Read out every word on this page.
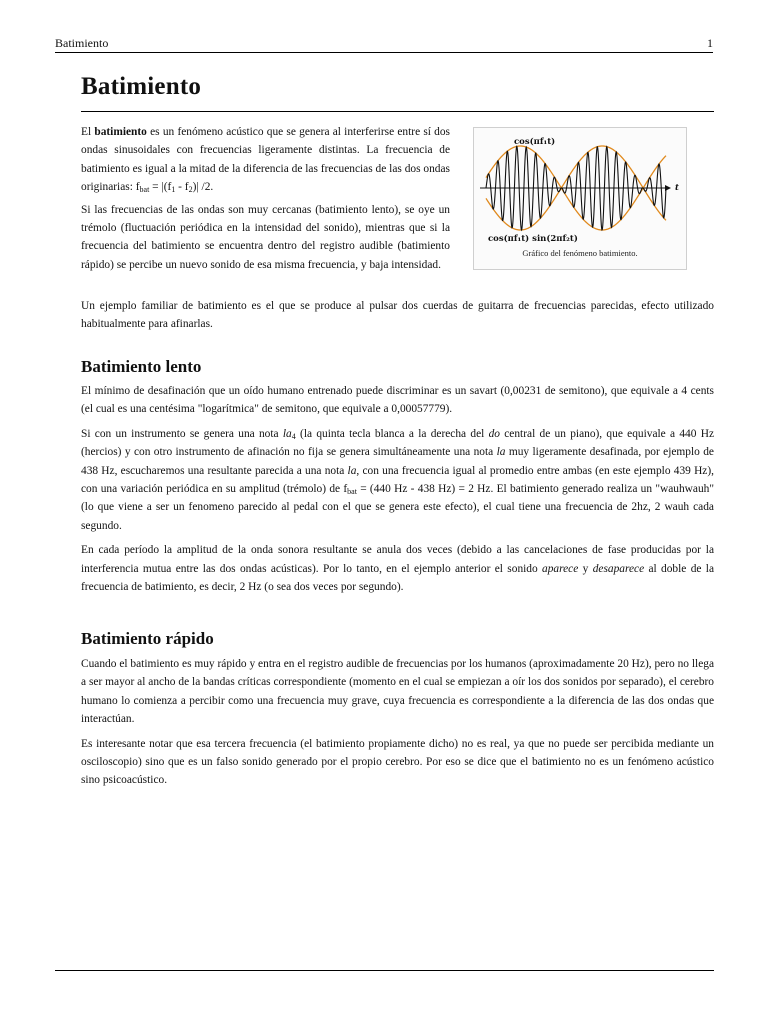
Batimiento	1
Batimiento

El batimiento es un fenómeno acústico que se genera al interferirse entre sí dos ondas sinusoidales con frecuencias ligeramente distintas. La frecuencia de batimiento es igual a la mitad de la diferencia de las frecuencias de las dos ondas originarias: $f_{bat} = |(f_1 - f_2)|$ /2.

Si las frecuencias de las ondas son muy cercanas (batimiento lento), se oye un trémolo (fluctuación periódica en la intensidad del sonido), mientras que si la frecuencia del batimiento se encuentra dentro del registro audible (batimiento rápido) se percibe un nuevo sonido de esa misma frecuencia, y baja intensidad.

cos(πf₁t)
cos(πf₁t) sin(2πf₂t)
t
Gráfico del fenómeno batimiento.

Un ejemplo familiar de batimiento es el que se produce al pulsar dos cuerdas de guitarra de frecuencias parecidas, efecto utilizado habitualmente para afinarlas.

Batimiento lento

El mínimo de desafinación que un oído humano entrenado puede discriminar es un savart (0,00231 de semitono), que equivale a 4 cents (el cual es una centésima "logarítmica" de semitono, que equivale a 0,00057779).

Si con un instrumento se genera una nota $la_4$ (la quinta tecla blanca a la derecha del do central de un piano), que equivale a 440 Hz (hercios) y con otro instrumento de afinación no fija se genera simultáneamente una nota la muy ligeramente desafinada, por ejemplo de 438 Hz, escucharemos una resultante parecida a una nota la, con una frecuencia igual al promedio entre ambas (en este ejemplo 439 Hz), con una variación periódica en su amplitud (trémolo) de $f_{bat} = (440$ Hz - 438 Hz) = 2 Hz. El batimiento generado realiza un "wauhwauh"(lo que viene a ser un fenomeno parecido al pedal con el que se genera este efecto), el cual tiene una frecuencia de 2hz, 2 wauh cada segundo.

En cada período la amplitud de la onda sonora resultante se anula dos veces (debido a las cancelaciones de fase producidas por la interferencia mutua entre las dos ondas acústicas). Por lo tanto, en el ejemplo anterior el sonido aparece y desaparece al doble de la frecuencia de batimiento, es decir, 2 Hz (o sea dos veces por segundo).

Batimiento rápido

Cuando el batimiento es muy rápido y entra en el registro audible de frecuencias por los humanos (aproximadamente 20 Hz), pero no llega a ser mayor al ancho de la bandas críticas correspondiente (momento en el cual se empiezan a oír los dos sonidos por separado), el cerebro humano lo comienza a percibir como una frecuencia muy grave, cuya frecuencia es correspondiente a la diferencia de las dos ondas que interactúan.

Es interesante notar que esa tercera frecuencia (el batimiento propiamente dicho) no es real, ya que no puede ser percibida mediante un osciloscopio) sino que es un falso sonido generado por el propio cerebro. Por eso se dice que el batimiento no es un fenómeno acústico sino psicoacústico.
